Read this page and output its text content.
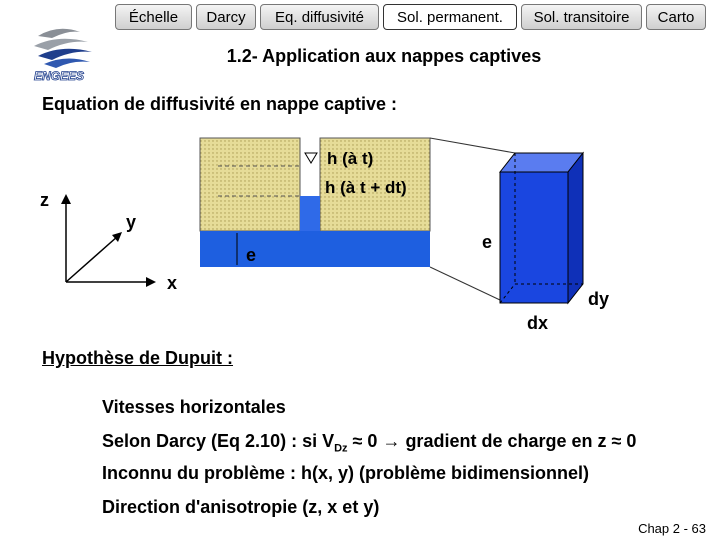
Échelle	Darcy	Eq. diffusivité	Sol. permanent.	Sol. transitoire	Carto
ENGEES
1.2- Application aux nappes captives
Equation de diffusivité en nappe captive :
z
y
x
h (à t)
h (à t + dt)
e
e
dx
dy
Hypothèse de Dupuit :
Vitesses horizontales
Selon Darcy (Eq 2.10) : si $V_{Dz} \approx 0$ → gradient de charge en z ≈ 0
Inconnu du problème : h(x, y) (problème bidimensionnel)
Direction d'anisotropie (z, x et y)
Chap 2 - 63
